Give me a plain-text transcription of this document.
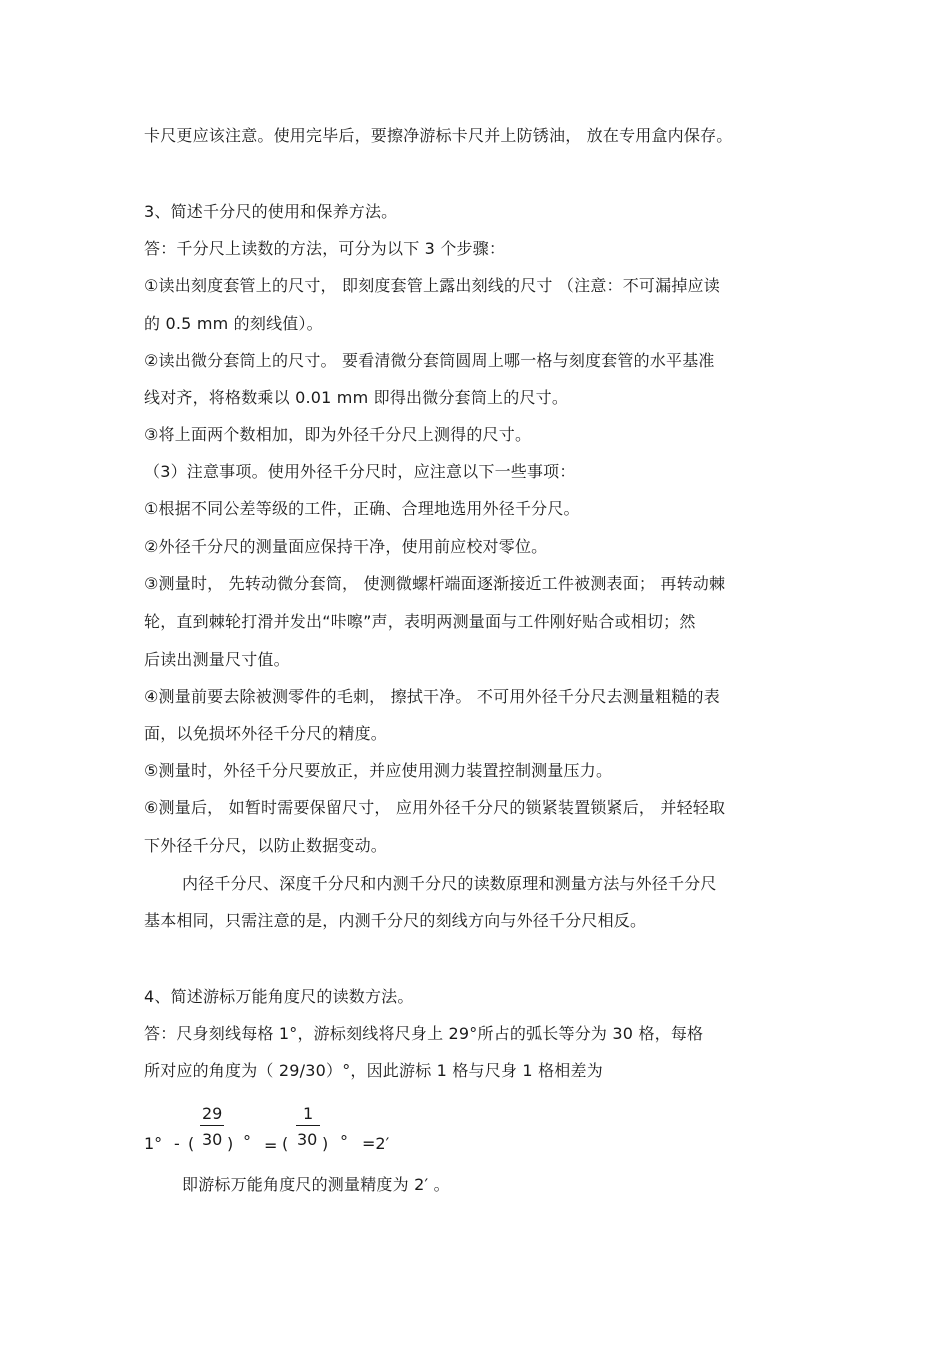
卡尺更应该注意。使用完毕后，要擦净游标卡尺并上防锈油， 放在专用盒内保存。
3、简述千分尺的使用和保养方法。
答：千分尺上读数的方法，可分为以下 3 个步骤：
①读出刻度套管上的尺寸， 即刻度套管上露出刻线的尺寸 （注意：不可漏掉应读
的 0.5 mm 的刻线值）。
②读出微分套筒上的尺寸。 要看清微分套筒圆周上哪一格与刻度套管的水平基准
线对齐，将格数乘以 0.01 mm 即得出微分套筒上的尺寸。
③将上面两个数相加，即为外径千分尺上测得的尺寸。
（3）注意事项。使用外径千分尺时，应注意以下一些事项：
①根据不同公差等级的工件，正确、合理地选用外径千分尺。
②外径千分尺的测量面应保持干净，使用前应校对零位。
③测量时， 先转动微分套筒， 使测微螺杆端面逐渐接近工件被测表面； 再转动棘
轮，直到棘轮打滑并发出“咔嚓”声，表明两测量面与工件刚好贴合或相切；然
后读出测量尺寸值。
④测量前要去除被测零件的毛刺， 擦拭干净。 不可用外径千分尺去测量粗糙的表
面，以免损坏外径千分尺的精度。
⑤测量时，外径千分尺要放正，并应使用测力装置控制测量压力。
⑥测量后， 如暂时需要保留尺寸， 应用外径千分尺的锁紧装置锁紧后， 并轻轻取
下外径千分尺，以防止数据变动。
内径千分尺、深度千分尺和内测千分尺的读数原理和测量方法与外径千分尺
基本相同，只需注意的是，内测千分尺的刻线方向与外径千分尺相反。
4、简述游标万能角度尺的读数方法。
答：尺身刻线每格 1°，游标刻线将尺身上 29°所占的弧长等分为 30 格，每格
所对应的角度为（ 29/30）°，因此游标 1 格与尺身 1 格相差为
1° - (
29
30 ) ° = (
1
30 ) ° =2′
即游标万能角度尺的测量精度为 2′ 。
